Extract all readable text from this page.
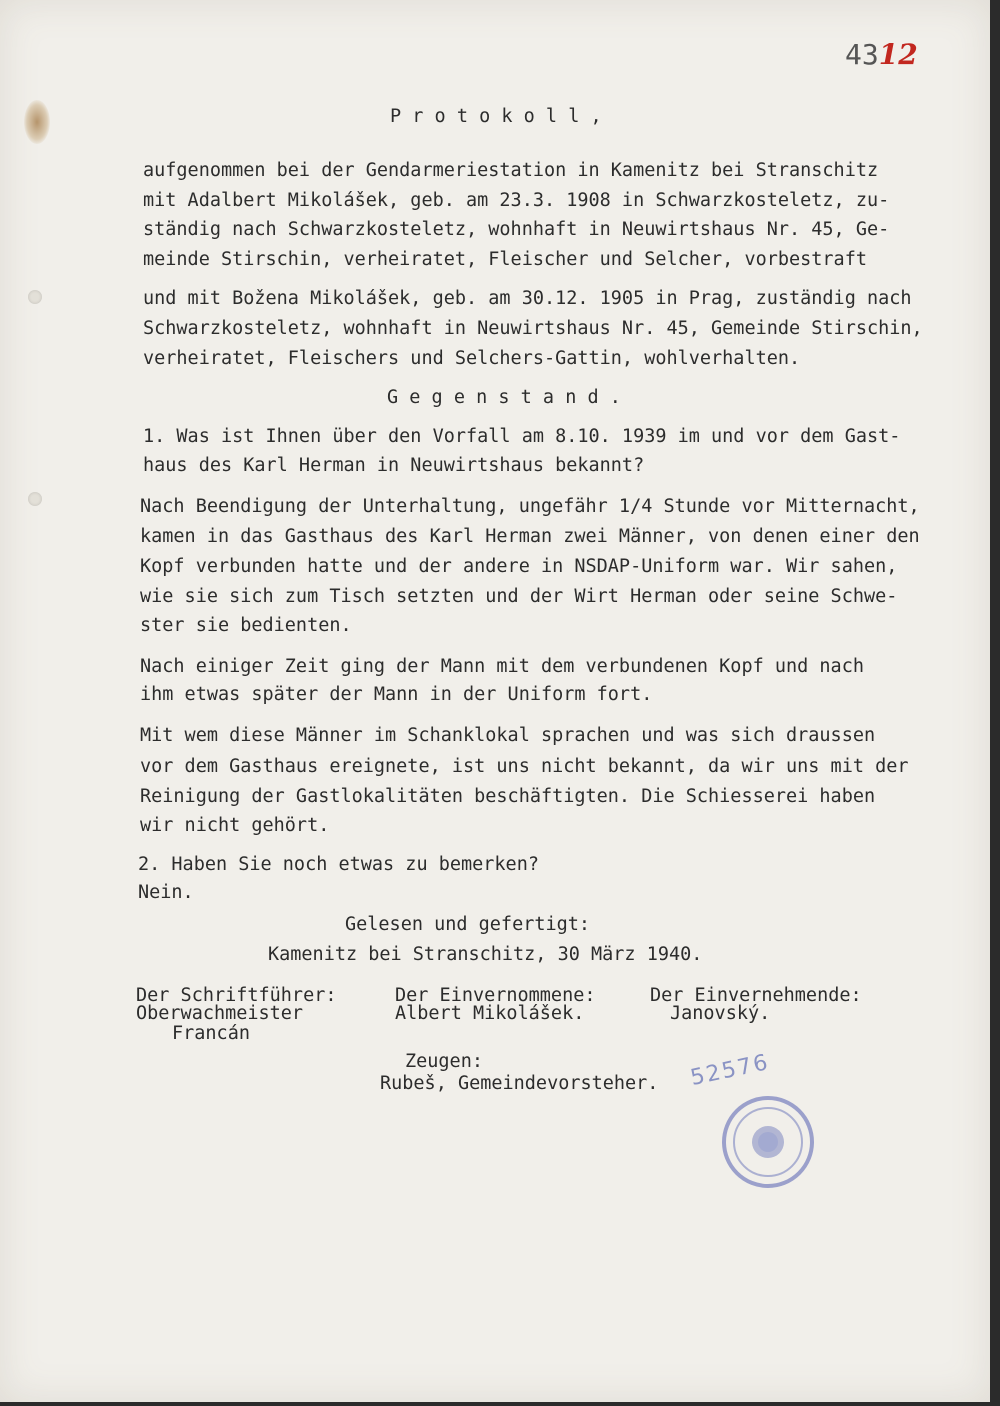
4312

P r o t o k o l l ,

aufgenommen bei der Gendarmeriestation in Kamenitz bei Stranschitz

mit Adalbert Mikolášek, geb. am 23.3. 1908 in Schwarzkosteletz, zu-

ständig nach Schwarzkosteletz, wohnhaft in Neuwirtshaus Nr. 45, Ge-

meinde Stirschin, verheiratet, Fleischer und Selcher, vorbestraft

und mit Božena Mikolášek, geb. am 30.12. 1905 in Prag, zuständig nach

Schwarzkosteletz, wohnhaft in Neuwirtshaus Nr. 45, Gemeinde Stirschin,

verheiratet, Fleischers und Selchers-Gattin, wohlverhalten.

G e g e n s t a n d .

1. Was ist Ihnen über den Vorfall am 8.10. 1939 im und vor dem Gast-

haus des Karl Herman in Neuwirtshaus bekannt?

Nach Beendigung der Unterhaltung, ungefähr 1/4 Stunde vor Mitternacht,

kamen in das Gasthaus des Karl Herman zwei Männer, von denen einer den

Kopf verbunden hatte und der andere in NSDAP-Uniform war. Wir sahen,

wie sie sich zum Tisch setzten und der Wirt Herman oder seine Schwe-

ster sie bedienten.

Nach einiger Zeit ging der Mann mit dem verbundenen Kopf und nach

ihm etwas später der Mann in der Uniform fort.

Mit wem diese Männer im Schanklokal sprachen und was sich draussen

vor dem Gasthaus ereignete, ist uns nicht bekannt, da wir uns mit der

Reinigung der Gastlokalitäten beschäftigten. Die Schiesserei haben

wir nicht gehört.

2. Haben Sie noch etwas zu bemerken?

Nein.

Gelesen und gefertigt:

Kamenitz bei Stranschitz, 30 März 1940.

Der Schriftführer:

Oberwachmeister

Francán

Der Einvernommene:

Albert Mikolášek.

Der Einvernehmende:

Janovský.

Zeugen:

Rubeš, Gemeindevorsteher. 52576
